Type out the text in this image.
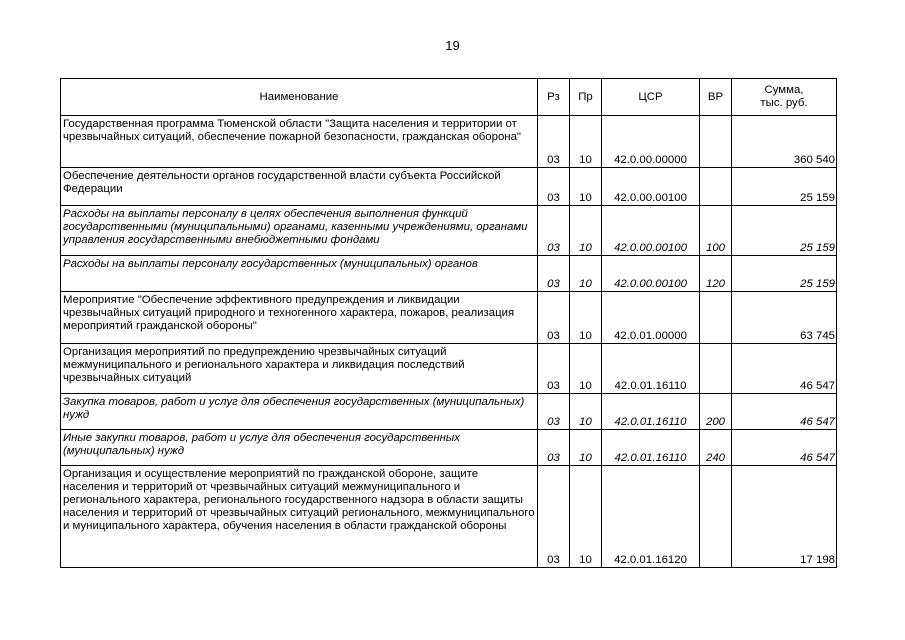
19
Наименование	Рз	Пр	ЦСР	ВР	Сумма,
тыс. руб.

Государственная программа Тюменской области "Защита населения и территории от чрезвычайных ситуаций, обеспечение пожарной безопасности, гражданская оборона"	03	10	42.0.00.00000		360 540
Обеспечение деятельности органов государственной власти субъекта Российской Федерации	03	10	42.0.00.00100		25 159
Расходы на выплаты персоналу в целях обеспечения выполнения функций государственными (муниципальными) органами, казенными учреждениями, органами управления государственными внебюджетными фондами	03	10	42.0.00.00100	100	25 159
Расходы на выплаты персоналу государственных (муниципальных) органов	03	10	42.0.00.00100	120	25 159
Мероприятие "Обеспечение эффективного предупреждения и ликвидации чрезвычайных ситуаций природного и техногенного характера, пожаров, реализация мероприятий гражданской обороны"	03	10	42.0.01.00000		63 745
Организация мероприятий по предупреждению чрезвычайных ситуаций межмуниципального и регионального характера и ликвидация последствий чрезвычайных ситуаций	03	10	42.0.01.16110		46 547
Закупка товаров, работ и услуг для обеспечения государственных (муниципальных) нужд	03	10	42.0.01.16110	200	46 547
Иные закупки товаров, работ и услуг для обеспечения государственных (муниципальных) нужд	03	10	42.0.01.16110	240	46 547
Организация и осуществление мероприятий по гражданской обороне, защите населения и территорий от чрезвычайных ситуаций межмуниципального и регионального характера, регионального государственного надзора в области защиты населения и территорий от чрезвычайных ситуаций регионального, межмуниципального и муниципального характера, обучения населения в области гражданской обороны	03	10	42.0.01.16120		17 198
